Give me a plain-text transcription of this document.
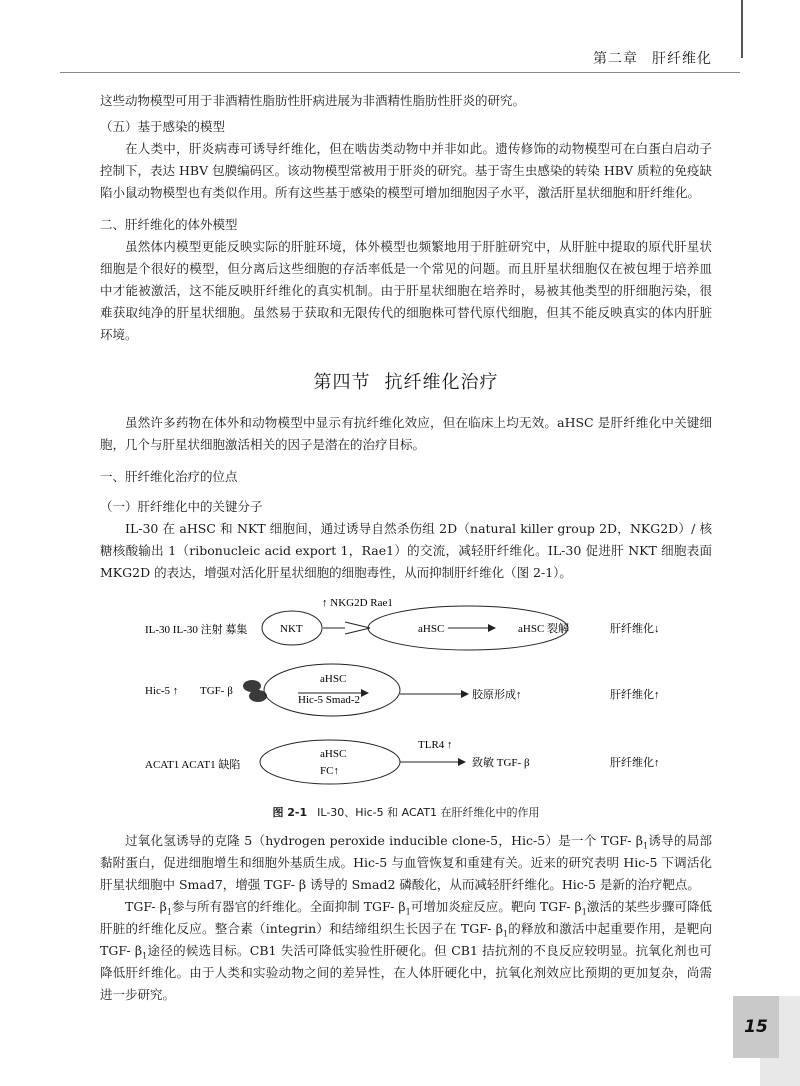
第二章 肝纤维化

这些动物模型可用于非酒精性脂肪性肝病进展为非酒精性脂肪性肝炎的研究。

（五）基于感染的模型

在人类中，肝炎病毒可诱导纤维化，但在啮齿类动物中并非如此。遗传修饰的动物模型可在白蛋白启动子控制下，表达 HBV 包膜编码区。该动物模型常被用于肝炎的研究。基于寄生虫感染的转染 HBV 质粒的免疫缺陷小鼠动物模型也有类似作用。所有这些基于感染的模型可增加细胞因子水平，激活肝星状细胞和肝纤维化。

二、肝纤维化的体外模型

虽然体内模型更能反映实际的肝脏环境，体外模型也频繁地用于肝脏研究中，从肝脏中提取的原代肝星状细胞是个很好的模型，但分离后这些细胞的存活率低是一个常见的问题。而且肝星状细胞仅在被包埋于培养皿中才能被激活，这不能反映肝纤维化的真实机制。由于肝星状细胞在培养时，易被其他类型的肝细胞污染，很难获取纯净的肝星状细胞。虽然易于获取和无限传代的细胞株可替代原代细胞，但其不能反映真实的体内肝脏环境。

第四节 抗纤维化治疗

虽然许多药物在体外和动物模型中显示有抗纤维化效应，但在临床上均无效。aHSC 是肝纤维化中关键细胞，几个与肝星状细胞激活相关的因子是潜在的治疗目标。

一、肝纤维化治疗的位点

（一）肝纤维化中的关键分子

IL-30 在 aHSC 和 NKT 细胞间，通过诱导自然杀伤组 2D（natural killer group 2D，NKG2D）/ 核糖核酸输出 1（ribonucleic acid export 1，Rae1）的交流，减轻肝纤维化。IL-30 促进肝 NKT 细胞表面 MKG2D 的表达，增强对活化肝星状细胞的细胞毒性，从而抑制肝纤维化（图 2-1）。

IL-30 IL-30 注射 募集	NKT
↑ NKG2D Rae1
aHSC	aHSC 裂解	肝纤维化↓
Hic-5 ↑ TGF- β
aHSC
Hic-5 Smad-2	胶原形成↑	肝纤维化↑
ACAT1 ACAT1 缺陷
aHSC
FC↑
TLR4 ↑
致敏 TGF- β	肝纤维化↑
图 2-1 IL-30、Hic-5 和 ACAT1 在肝纤维化中的作用

过氧化氢诱导的克隆 5（hydrogen peroxide inducible clone-5，Hic-5）是一个 TGF- $\beta_1$诱导的局部黏附蛋白，促进细胞增生和细胞外基质生成。Hic-5 与血管恢复和重建有关。近来的研究表明 Hic-5 下调活化肝星状细胞中 Smad7，增强 TGF- β 诱导的 Smad2 磷酸化，从而减轻肝纤维化。Hic-5 是新的治疗靶点。

TGF- $\beta_1$参与所有器官的纤维化。全面抑制 TGF- $\beta_1$可增加炎症反应。靶向 TGF- $\beta_1$激活的某些步骤可降低肝脏的纤维化反应。整合素（integrin）和结缔组织生长因子在 TGF- $\beta_1$的释放和激活中起重要作用，是靶向 TGF- $\beta_1$途径的候选目标。CB1 失活可降低实验性肝硬化。但 CB1 拮抗剂的不良反应较明显。抗氧化剂也可降低肝纤维化。由于人类和实验动物之间的差异性，在人体肝硬化中，抗氧化剂效应比预期的更加复杂，尚需进一步研究。

15
